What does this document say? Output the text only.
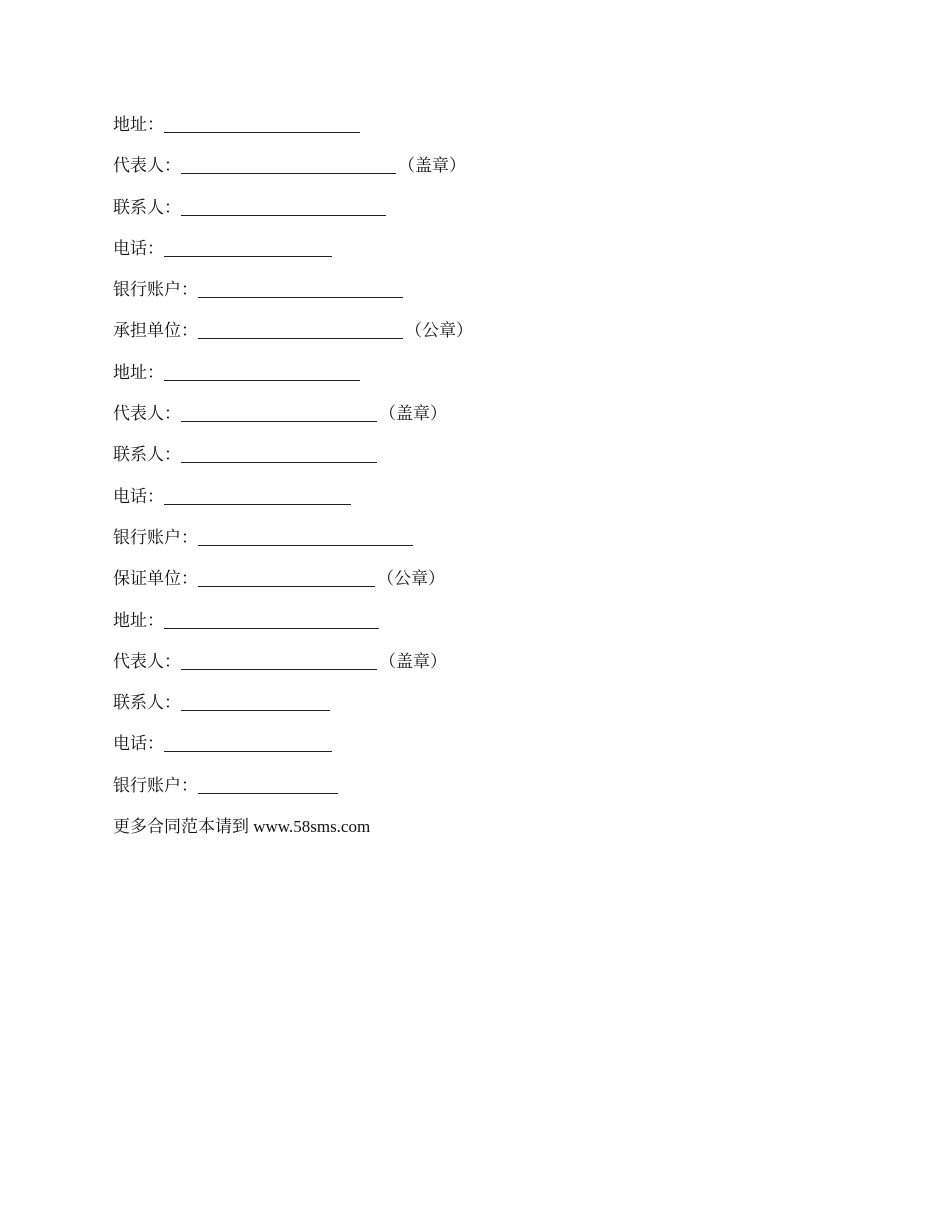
地址：
代表人：	（盖章）
联系人：
电话：
银行账户：
承担单位：	（公章）
地址：
代表人：	（盖章）
联系人：
电话：
银行账户：
保证单位：	（公章）
地址：
代表人：	（盖章）
联系人：
电话：
银行账户：
更多合同范本请到 www.58sms.com
